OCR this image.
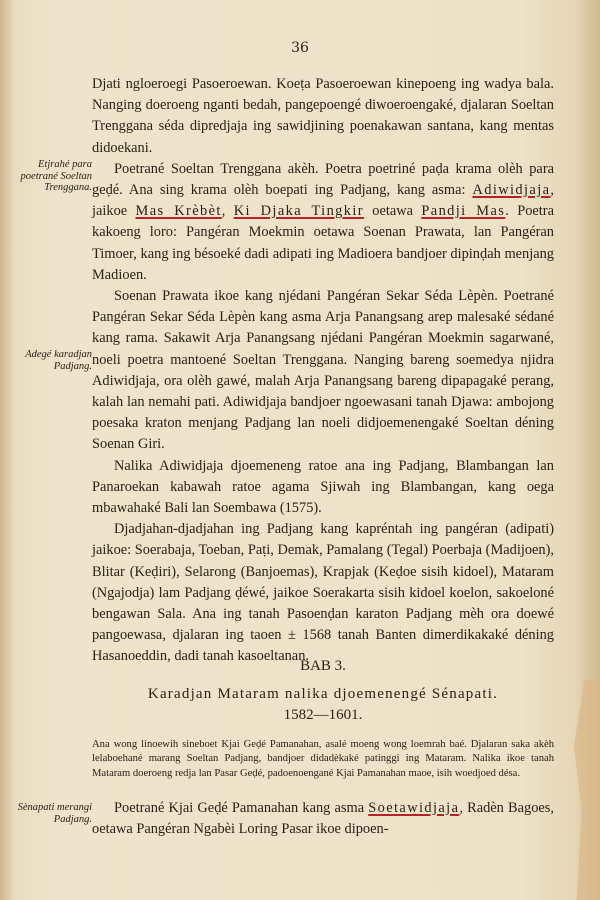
36
Etjrahé para poetrané Soeltan Trenggana.
Adegé karadjan Padjang.
Sènapati merangi Padjang.

Djati ngloeroegi Pasoeroewan. Koeṭa Pasoeroewan kinepoeng ing wadya bala. Nanging doeroeng nganti bedah, pangepoengé diwoeroengaké, djalaran Soeltan Trenggana séda dipredjaja ing sawidjining poenakawan santana, kang mentas didoekani.

Poetrané Soeltan Trenggana akèh. Poetra poetriné paḍa krama olèh para geḍé. Ana sing krama olèh boepati ing Padjang, kang asma: Adiwidjaja, jaikoe Mas Krèbèt, Ki Djaka Tingkir oetawa Pandji Mas. Poetra kakoeng loro: Pangéran Moekmin oetawa Soenan Prawata, lan Pangéran Timoer, kang ing bésoeké dadi adipati ing Madioera bandjoer dipinḍah menjang Madioen.

Soenan Prawata ikoe kang njédani Pangéran Sekar Séda Lèpèn. Poetrané Pangéran Sekar Séda Lèpèn kang asma Arja Panangsang arep malesaké sédané kang rama. Sakawit Arja Panangsang njédani Pangéran Moekmin sagarwané, noeli poetra mantoené Soeltan Trenggana. Nanging bareng soemedya njidra Adiwidjaja, ora olèh gawé, malah Arja Panangsang bareng dipapagaké perang, kalah lan nemahi pati. Adiwidjaja bandjoer ngoewasani tanah Djawa: ambojong poesaka kraton menjang Padjang lan noeli didjoemenengaké Soeltan déning Soenan Giri.

Nalika Adiwidjaja djoemeneng ratoe ana ing Padjang, Blambangan lan Panaroekan kabawah ratoe agama Sjiwah ing Blambangan, kang oega mbawahaké Bali lan Soembawa (1575).

Djadjahan-djadjahan ing Padjang kang kapréntah ing pangéran (adipati) jaikoe: Soerabaja, Toeban, Paṭi, Demak, Pamalang (Tegal) Poerbaja (Madijoen), Blitar (Keḍiri), Selarong (Banjoemas), Krapjak (Keḍoe sisih kidoel), Mataram (Ngajodja) lam Padjang ḍéwé, jaikoe Soerakarta sisih kidoel koelon, sakoeloné bengawan Sala. Ana ing tanah Pasoenḍan karaton Padjang mèh ora doewé pangoewasa, djalaran ing taoen ± 1568 tanah Banten dimerdikakaké déning Hasanoeddin, dadi tanah kasoeltanan.

BAB 3.
Karadjan Mataram nalika djoemenengé Sénapati.
1582—1601.

Ana wong linoewih sineboet Kjai Geḍé Pamanahan, asalé moeng wong loemrah baé. Djalaran saka akèh lelaboehané marang Soeltan Padjang, bandjoer didadèkaké patinggi ing Mataram. Nalika ikoe tanah Mataram doeroeng redja lan Pasar Geḍé, padoenoengané Kjai Pamanahan maoe, isih woedjoed désa.

Poetrané Kjai Geḍé Pamanahan kang asma Soetawidjaja, Radèn Bagoes, oetawa Pangéran Ngabèi Loring Pasar ikoe dipoen-
